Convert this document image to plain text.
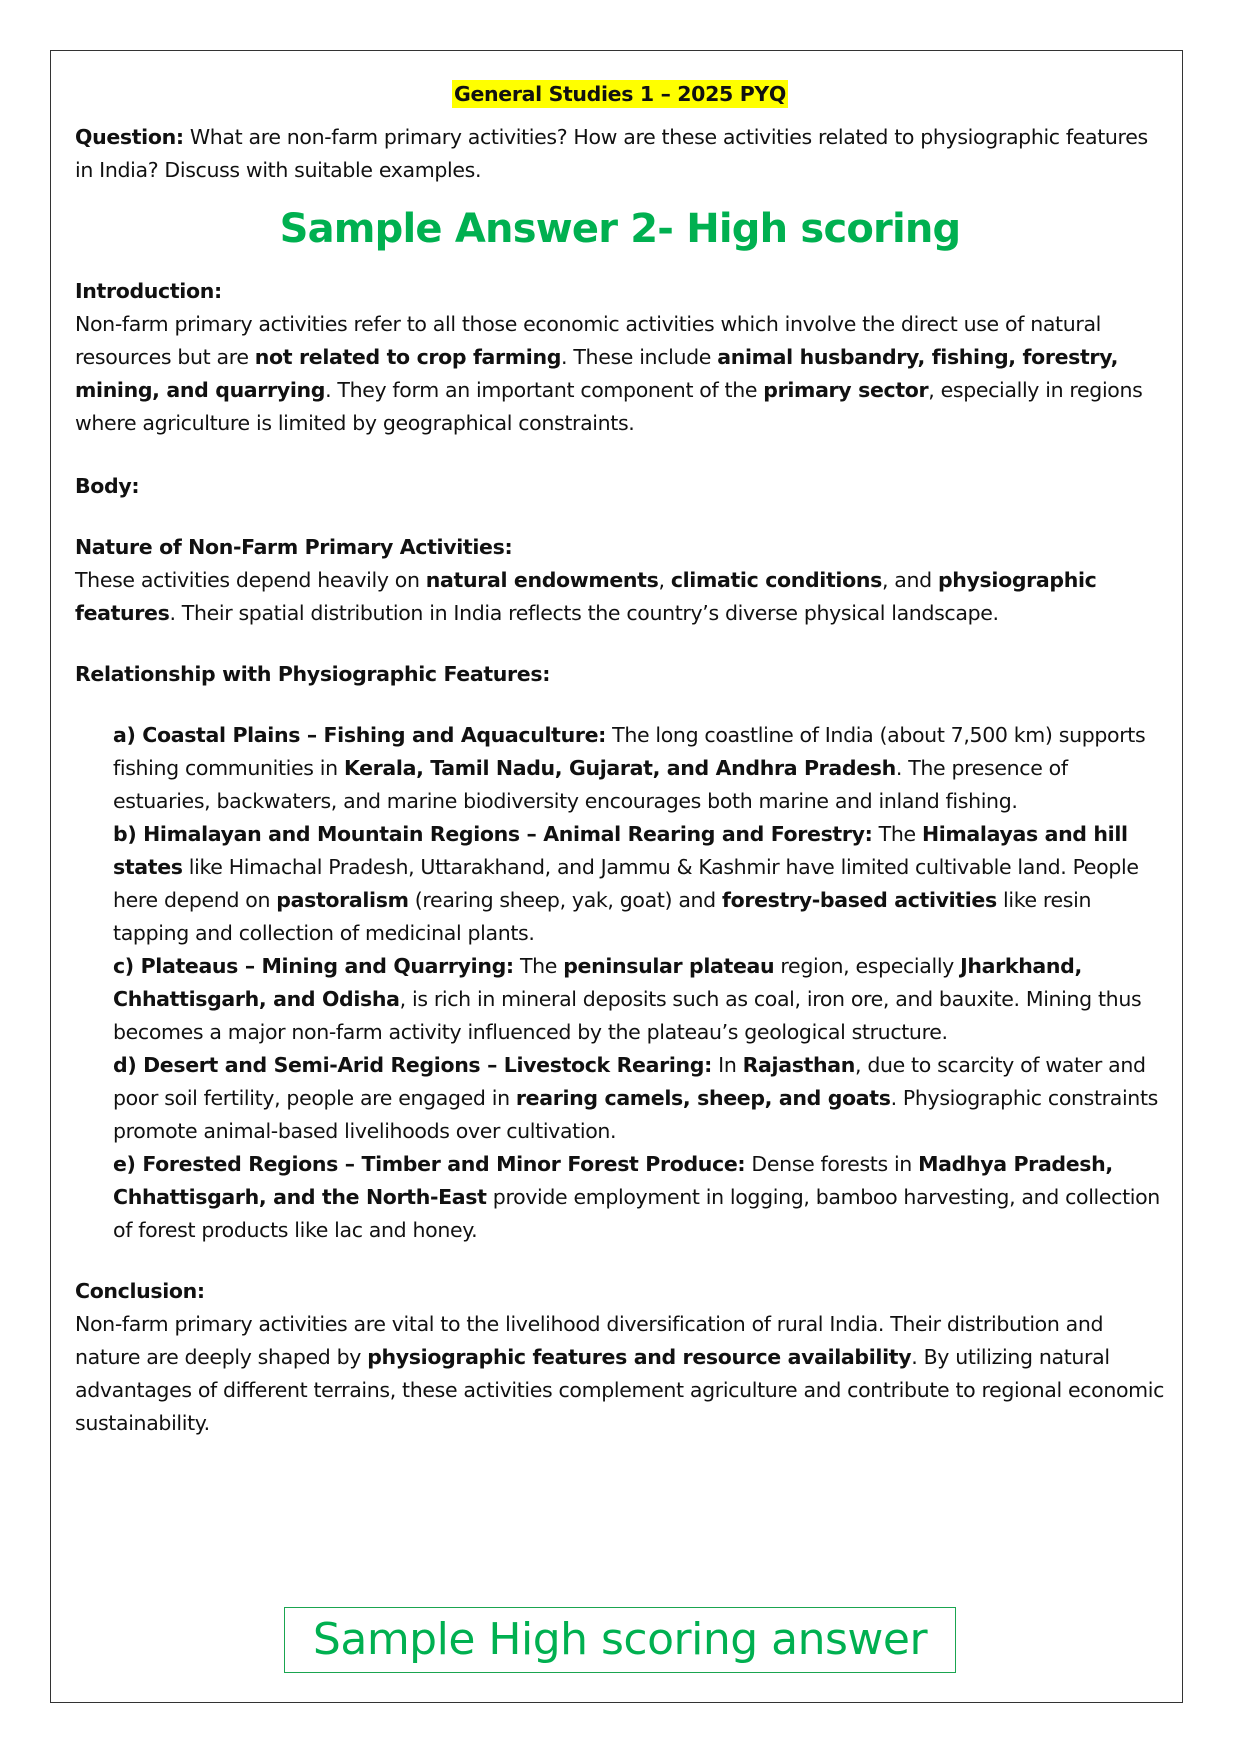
General Studies 1 – 2025 PYQ

Question: What are non-farm primary activities? How are these activities related to physiographic features in India? Discuss with suitable examples.

Sample Answer 2- High scoring

Introduction:

Non-farm primary activities refer to all those economic activities which involve the direct use of natural resources but are not related to crop farming. These include animal husbandry, fishing, forestry, mining, and quarrying. They form an important component of the primary sector, especially in regions where agriculture is limited by geographical constraints.

Body:

Nature of Non-Farm Primary Activities:

These activities depend heavily on natural endowments, climatic conditions, and physiographic features. Their spatial distribution in India reflects the country’s diverse physical landscape.

Relationship with Physiographic Features:

a) Coastal Plains – Fishing and Aquaculture: The long coastline of India (about 7,500 km) supports fishing communities in Kerala, Tamil Nadu, Gujarat, and Andhra Pradesh. The presence of estuaries, backwaters, and marine biodiversity encourages both marine and inland fishing.

b) Himalayan and Mountain Regions – Animal Rearing and Forestry: The Himalayas and hill states like Himachal Pradesh, Uttarakhand, and Jammu & Kashmir have limited cultivable land. People here depend on pastoralism (rearing sheep, yak, goat) and forestry-based activities like resin tapping and collection of medicinal plants.

c) Plateaus – Mining and Quarrying: The peninsular plateau region, especially Jharkhand, Chhattisgarh, and Odisha, is rich in mineral deposits such as coal, iron ore, and bauxite. Mining thus becomes a major non-farm activity influenced by the plateau’s geological structure.

d) Desert and Semi-Arid Regions – Livestock Rearing: In Rajasthan, due to scarcity of water and poor soil fertility, people are engaged in rearing camels, sheep, and goats. Physiographic constraints promote animal-based livelihoods over cultivation.

e) Forested Regions – Timber and Minor Forest Produce: Dense forests in Madhya Pradesh, Chhattisgarh, and the North-East provide employment in logging, bamboo harvesting, and collection of forest products like lac and honey.

Conclusion:

Non-farm primary activities are vital to the livelihood diversification of rural India. Their distribution and nature are deeply shaped by physiographic features and resource availability. By utilizing natural advantages of different terrains, these activities complement agriculture and contribute to regional economic sustainability.

Sample High scoring answer
